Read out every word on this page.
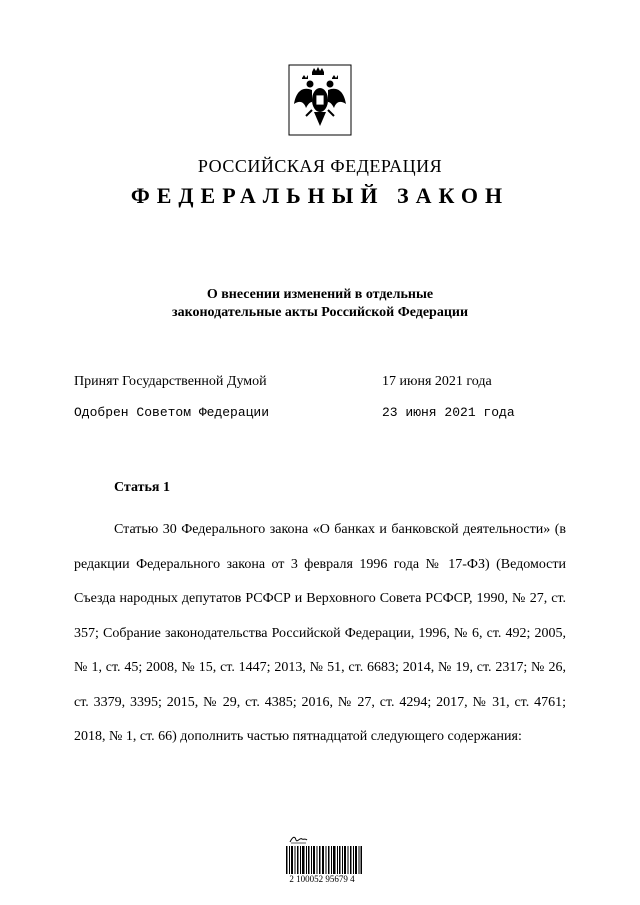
РОССИЙСКАЯ ФЕДЕРАЦИЯ
ФЕДЕРАЛЬНЫЙ ЗАКОН
О внесении изменений в отдельные
законодательные акты Российской Федерации
Принят Государственной Думой	17 июня 2021 года
Одобрен Советом Федерации	23 июня 2021 года
Статья 1

Статью 30 Федерального закона «О банках и банковской деятельности» (в редакции Федерального закона от 3 февраля 1996 года № 17-ФЗ) (Ведомости Съезда народных депутатов РСФСР и Верховного Совета РСФСР, 1990, № 27, ст. 357; Собрание законодательства Российской Федерации, 1996, № 6, ст. 492; 2005, № 1, ст. 45; 2008, № 15, ст. 1447; 2013, № 51, ст. 6683; 2014, № 19, ст. 2317; № 26, ст. 3379, 3395; 2015, № 29, ст. 4385; 2016, № 27, ст. 4294; 2017, № 31, ст. 4761; 2018, № 1, ст. 66) дополнить частью пятнадцатой следующего содержания:

2 100052 95679 4
